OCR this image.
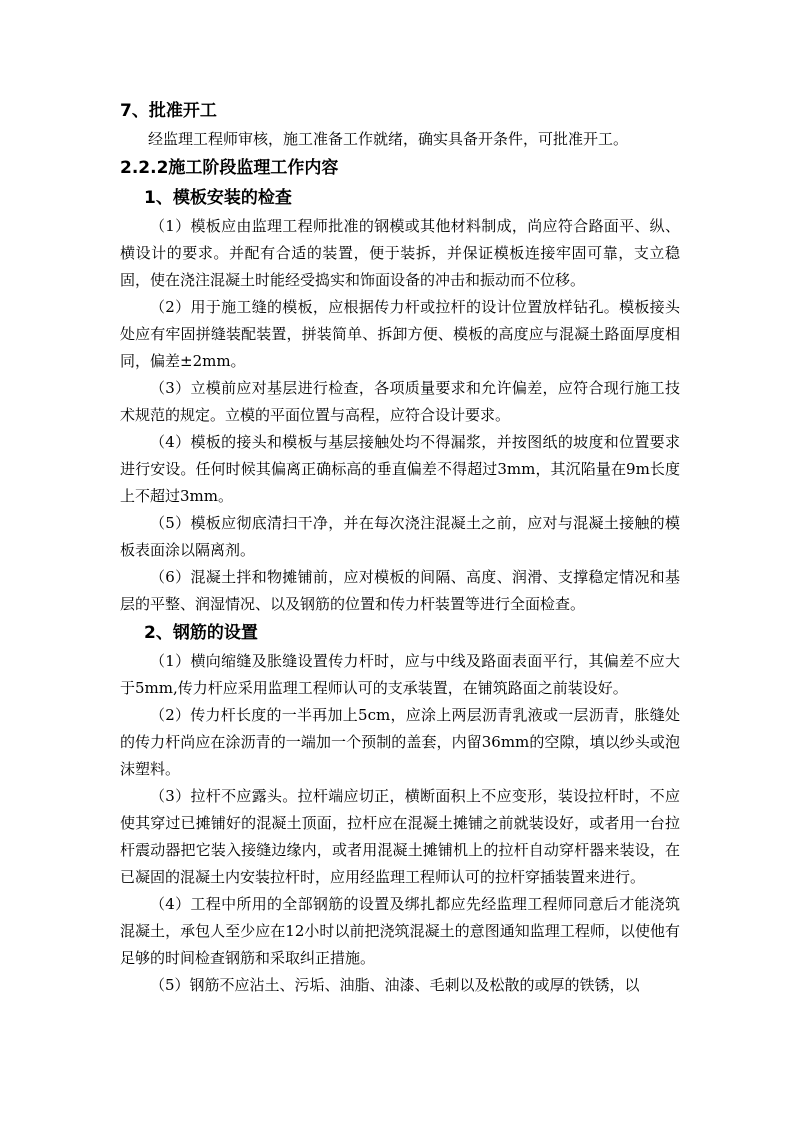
7、批准开工

经监理工程师审核，施工准备工作就绪，确实具备开条件，可批准开工。

2.2.2施工阶段监理工作内容
1、模板安装的检查

（1）模板应由监理工程师批准的钢模或其他材料制成，尚应符合路面平、纵、横设计的要求。并配有合适的装置，便于装拆，并保证模板连接牢固可靠，支立稳固，使在浇注混凝土时能经受捣实和饰面设备的冲击和振动而不位移。

（2）用于施工缝的模板，应根据传力杆或拉杆的设计位置放样钻孔。模板接头处应有牢固拼缝装配装置，拼装简单、拆卸方便、模板的高度应与混凝土路面厚度相同，偏差±2mm。

（3）立模前应对基层进行检查，各项质量要求和允许偏差，应符合现行施工技术规范的规定。立模的平面位置与高程，应符合设计要求。

（4）模板的接头和模板与基层接触处均不得漏浆，并按图纸的坡度和位置要求进行安设。任何时候其偏离正确标高的垂直偏差不得超过3mm，其沉陷量在9m长度上不超过3mm。

（5）模板应彻底清扫干净，并在每次浇注混凝土之前，应对与混凝土接触的模板表面涂以隔离剂。

（6）混凝土拌和物摊铺前，应对模板的间隔、高度、润滑、支撑稳定情况和基层的平整、润湿情况、以及钢筋的位置和传力杆装置等进行全面检查。

2、钢筋的设置

（1）横向缩缝及胀缝设置传力杆时，应与中线及路面表面平行，其偏差不应大于5mm,传力杆应采用监理工程师认可的支承装置，在铺筑路面之前装设好。

（2）传力杆长度的一半再加上5cm，应涂上两层沥青乳液或一层沥青，胀缝处的传力杆尚应在涂沥青的一端加一个预制的盖套，内留36mm的空隙，填以纱头或泡沫塑料。

（3）拉杆不应露头。拉杆端应切正，横断面积上不应变形，装设拉杆时，不应使其穿过已摊铺好的混凝土顶面，拉杆应在混凝土摊铺之前就装设好，或者用一台拉杆震动器把它装入接缝边缘内，或者用混凝土摊铺机上的拉杆自动穿杆器来装设，在已凝固的混凝土内安装拉杆时，应用经监理工程师认可的拉杆穿插装置来进行。

（4）工程中所用的全部钢筋的设置及绑扎都应先经监理工程师同意后才能浇筑混凝土，承包人至少应在12小时以前把浇筑混凝土的意图通知监理工程师，以使他有足够的时间检查钢筋和采取纠正措施。

（5）钢筋不应沾土、污垢、油脂、油漆、毛刺以及松散的或厚的铁锈，以
